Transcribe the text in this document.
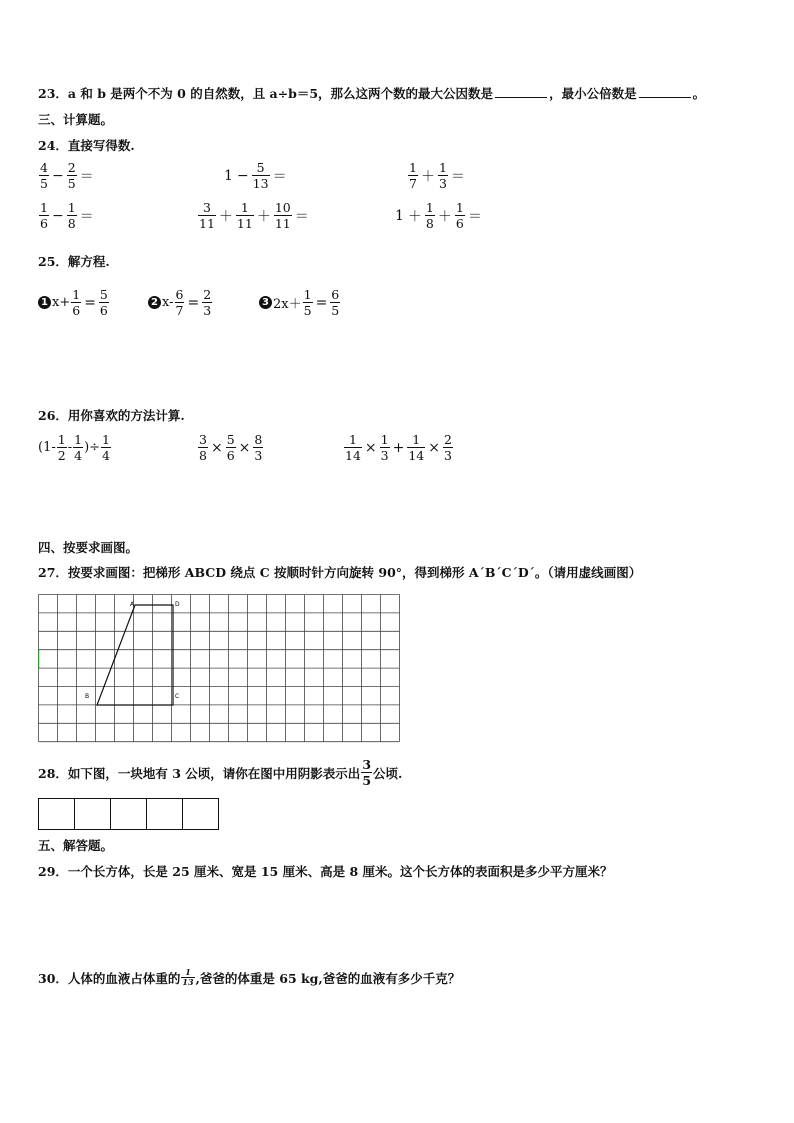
23．a 和 b 是两个不为 0 的自然数，且 a÷b＝5，那么这两个数的最大公因数是	，最小公倍数是	。
三、计算题。
24．直接写得数.
$\frac{4}{5} - \frac{2}{5}$ ＝	$1 - \frac{5}{13}$ ＝	$\frac{1}{7} + \frac{1}{3}$ ＝
$\frac{1}{6} - \frac{1}{8}$ ＝	$\frac{3}{11} + \frac{1}{11} + \frac{10}{11}$ ＝	$1 + \frac{1}{8} + \frac{1}{6}$ ＝
25．解方程.
1 $x+ \frac{1}{6} = \frac{5}{6}$	2 $x- \frac{6}{7} = \frac{2}{3}$	3 $2x+ \frac{1}{5} = \frac{6}{5}$
26．用你喜欢的方法计算.
($1- \frac{1}{2} - \frac{1}{4}$ )÷ $\frac{1}{4}$	$\frac{3}{8} \times \frac{5}{6} \times \frac{8}{3}$	$\frac{1}{14} \times \frac{1}{3} + \frac{1}{14} \times \frac{2}{3}$
四、按要求画图。
27．按要求画图：把梯形 ABCD 绕点 C 按顺时针方向旋转 90°，得到梯形 A´B´C´D´。（请用虚线画图）
A	D
B	C
28．如下图，一块地有 3 公顷，请你在图中用阴影表示出 $\frac{3}{5}$ 公顷.
五、解答题。
29．一个长方体，长是 25 厘米、宽是 15 厘米、高是 8 厘米。这个长方体的表面积是多少平方厘米？
30．人体的血液占体重的 $\frac{1}{13}$ ,爸爸的体重是 65 kg,爸爸的血液有多少千克？
